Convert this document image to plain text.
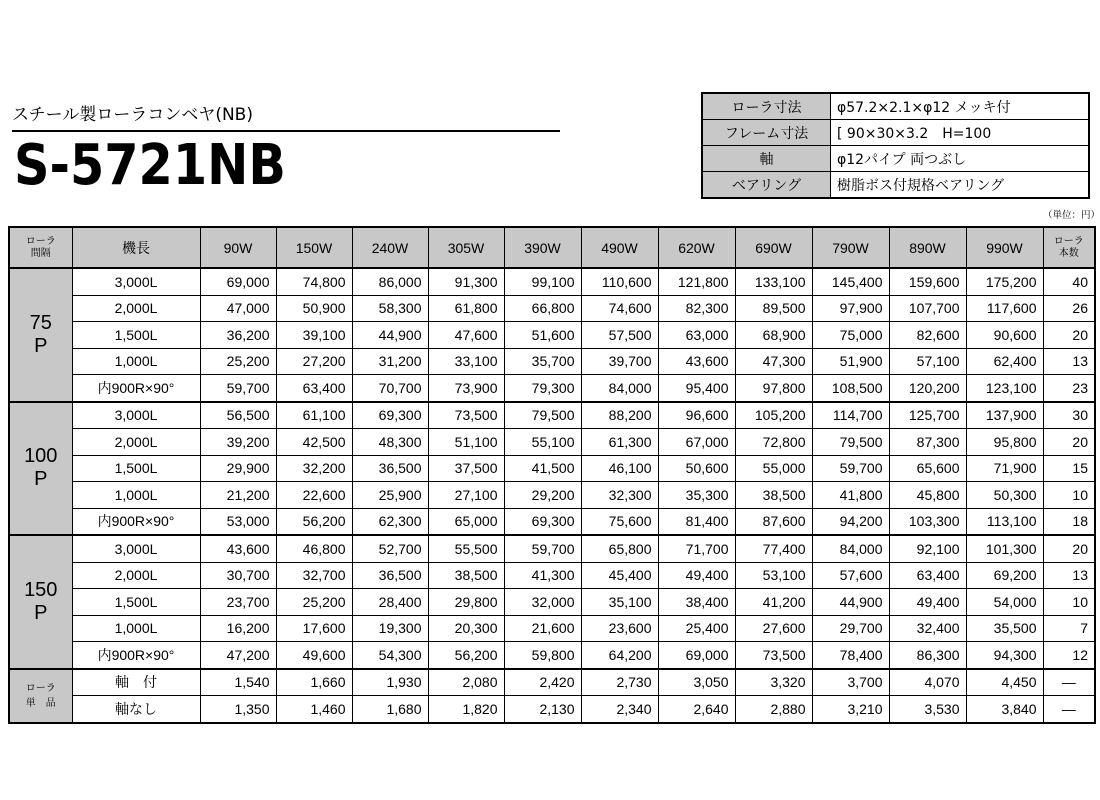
スチール製ローラコンベヤ(NB)
S-5721NB
ローラ寸法	φ57.2×2.1×φ12 メッキ付
フレーム寸法	[ 90×30×3.2　H=100
軸	φ12パイプ 両つぶし
ベアリング	樹脂ボス付規格ベアリング
（単位：円）
ローラ
間隔	機長	90W	150W	240W	305W	390W	490W	620W	690W	790W	890W	990W	ローラ
本数
75
P	3,000L	69,000	74,800	86,000	91,300	99,100	110,600	121,800	133,100	145,400	159,600	175,200	40
	2,000L	47,000	50,900	58,300	61,800	66,800	74,600	82,300	89,500	97,900	107,700	117,600	26
	1,500L	36,200	39,100	44,900	47,600	51,600	57,500	63,000	68,900	75,000	82,600	90,600	20
	1,000L	25,200	27,200	31,200	33,100	35,700	39,700	43,600	47,300	51,900	57,100	62,400	13
	内900R×90°	59,700	63,400	70,700	73,900	79,300	84,000	95,400	97,800	108,500	120,200	123,100	23
100
P	3,000L	56,500	61,100	69,300	73,500	79,500	88,200	96,600	105,200	114,700	125,700	137,900	30
	2,000L	39,200	42,500	48,300	51,100	55,100	61,300	67,000	72,800	79,500	87,300	95,800	20
	1,500L	29,900	32,200	36,500	37,500	41,500	46,100	50,600	55,000	59,700	65,600	71,900	15
	1,000L	21,200	22,600	25,900	27,100	29,200	32,300	35,300	38,500	41,800	45,800	50,300	10
	内900R×90°	53,000	56,200	62,300	65,000	69,300	75,600	81,400	87,600	94,200	103,300	113,100	18
150
P	3,000L	43,600	46,800	52,700	55,500	59,700	65,800	71,700	77,400	84,000	92,100	101,300	20
	2,000L	30,700	32,700	36,500	38,500	41,300	45,400	49,400	53,100	57,600	63,400	69,200	13
	1,500L	23,700	25,200	28,400	29,800	32,000	35,100	38,400	41,200	44,900	49,400	54,000	10
	1,000L	16,200	17,600	19,300	20,300	21,600	23,600	25,400	27,600	29,700	32,400	35,500	7
	内900R×90°	47,200	49,600	54,300	56,200	59,800	64,200	69,000	73,500	78,400	86,300	94,300	12
ローラ
単　品	軸　付	1,540	1,660	1,930	2,080	2,420	2,730	3,050	3,320	3,700	4,070	4,450	—
	軸なし	1,350	1,460	1,680	1,820	2,130	2,340	2,640	2,880	3,210	3,530	3,840	—
